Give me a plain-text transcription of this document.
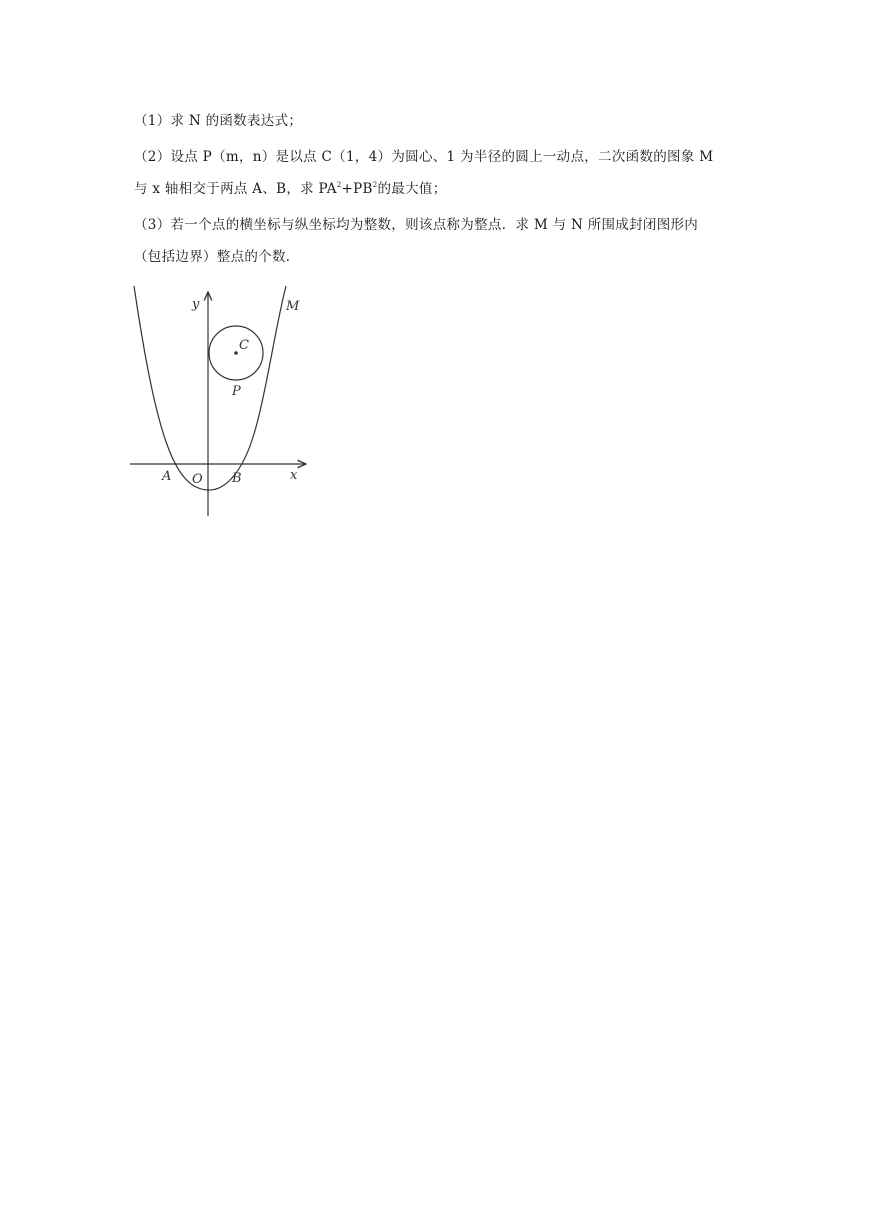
（1）求 N 的函数表达式；
（2）设点 P（m，n）是以点 C（1，4）为圆心、1 为半径的圆上一动点，二次函数的图象 M
与 x 轴相交于两点 A、B，求 $PA^2+PB^2$的最大值；
（3）若一个点的横坐标与纵坐标均为整数，则该点称为整点．求 M 与 N 所围成封闭图形内
（包括边界）整点的个数．
y	M
C
P
A O B	x
